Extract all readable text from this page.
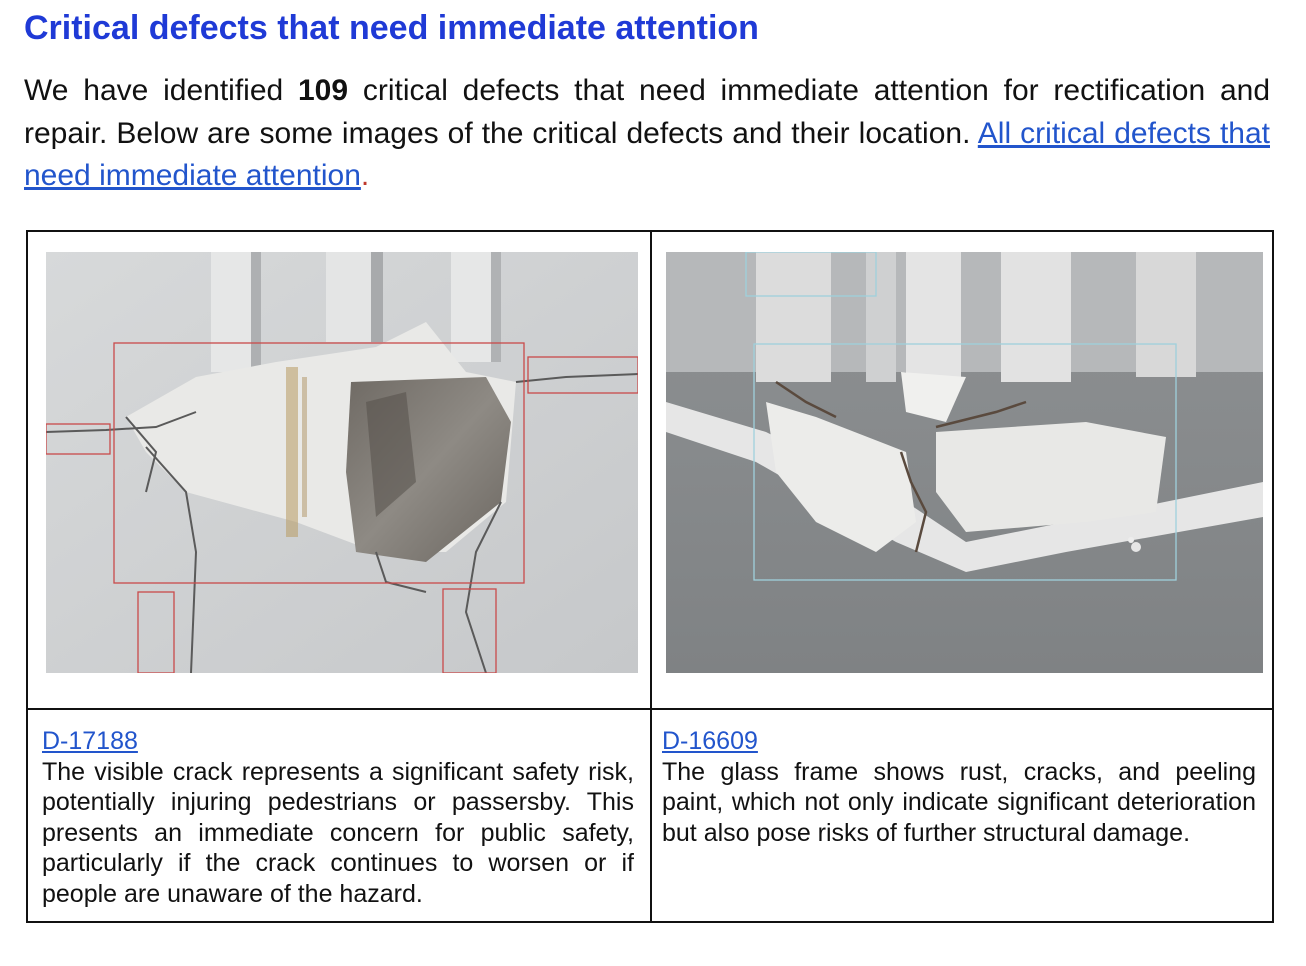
Critical defects that need immediate attention

We have identified 109 critical defects that need immediate attention for rectification and repair. Below are some images of the critical defects and their location. All critical defects that need immediate attention.

D-17188

The visible crack represents a significant safety risk, potentially injuring pedestrians or passersby. This presents an immediate concern for public safety, particularly if the crack continues to worsen or if people are unaware of the hazard.

D-16609

The glass frame shows rust, cracks, and peeling paint, which not only indicate significant deterioration but also pose risks of further structural damage.
